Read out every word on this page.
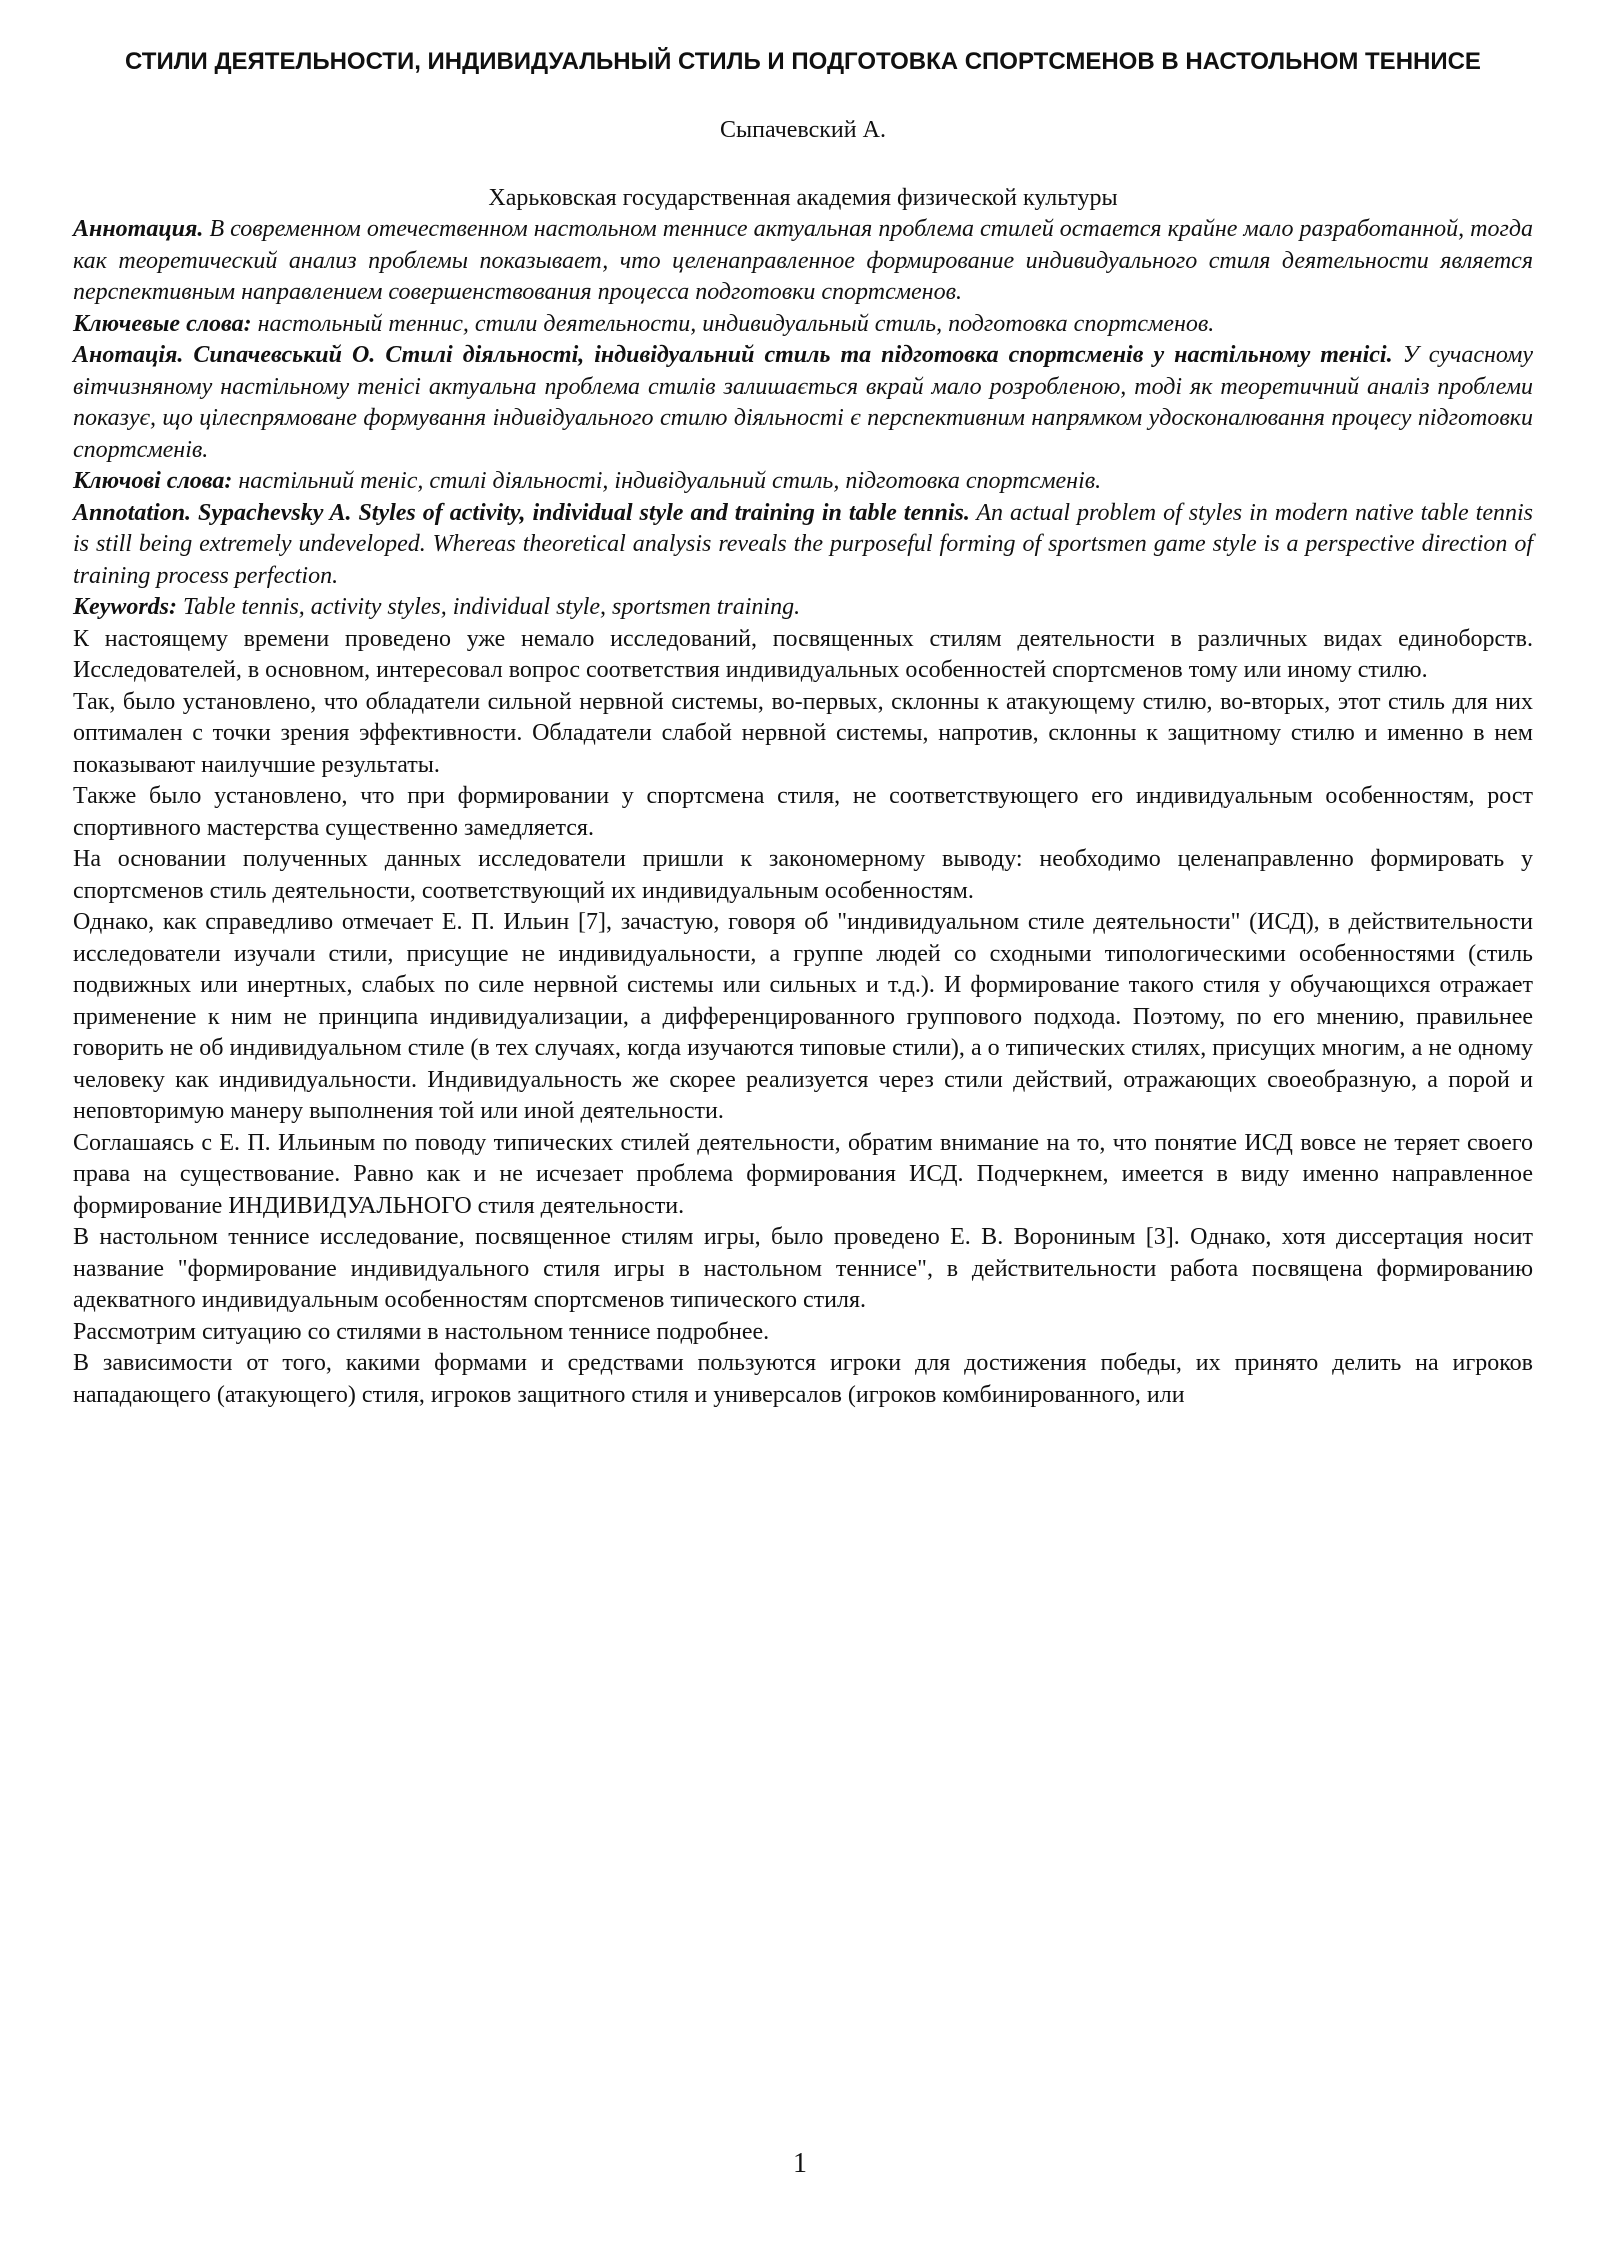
СТИЛИ ДЕЯТЕЛЬНОСТИ, ИНДИВИДУАЛЬНЫЙ СТИЛЬ И ПОДГОТОВКА СПОРТСМЕНОВ В НАСТОЛЬНОМ ТЕННИСЕ

Сыпачевский А.

Харьковская государственная академия физической культуры

Аннотация. В современном отечественном настольном теннисе актуальная проблема стилей остается крайне мало разработанной, тогда как теоретический анализ проблемы показывает, что целенаправленное формирование индивидуального стиля деятельности является перспективным направлением совершенствования процесса подготовки спортсменов.

Ключевые слова: настольный теннис, стили деятельности, индивидуальный стиль, подготовка спортсменов.

Анотація. Сипачевський О. Стилі діяльності, індивідуальний стиль та підготовка спортсменів у настільному тенісі. У сучасному вітчизняному настільному тенісі актуальна проблема стилів залишається вкрай мало розробленою, тоді як теоретичний аналіз проблеми показує, що цілеспрямоване формування індивідуального стилю діяльності є перспективним напрямком удосконалювання процесу підготовки спортсменів.

Ключові слова: настільний теніс, стилі діяльності, індивідуальний стиль, підготовка спортсменів.

Annotation. Sypachevsky A. Styles of activity, individual style and training in table tennis. An actual problem of styles in modern native table tennis is still being extremely undeveloped. Whereas theoretical analysis reveals the purposeful forming of sportsmen game style is a perspective direction of training process perfection.

Keywords: Table tennis, activity styles, individual style, sportsmen training.

К настоящему времени проведено уже немало исследований, посвященных стилям деятельности в различных видах единоборств. Исследователей, в основном, интересовал вопрос соответствия индивидуальных особенностей спортсменов тому или иному стилю.

Так, было установлено, что обладатели сильной нервной системы, во-первых, склонны к атакующему стилю, во-вторых, этот стиль для них оптимален с точки зрения эффективности. Обладатели слабой нервной системы, напротив, склонны к защитному стилю и именно в нем показывают наилучшие результаты.

Также было установлено, что при формировании у спортсмена стиля, не соответствующего его индивидуальным особенностям, рост спортивного мастерства существенно замедляется.

На основании полученных данных исследователи пришли к закономерному выводу: необходимо целенаправленно формировать у спортсменов стиль деятельности, соответствующий их индивидуальным особенностям.

Однако, как справедливо отмечает Е. П. Ильин [7], зачастую, говоря об "индивидуальном стиле деятельности" (ИСД), в действительности исследователи изучали стили, присущие не индивидуальности, а группе людей со сходными типологическими особенностями (стиль подвижных или инертных, слабых по силе нервной системы или сильных и т.д.). И формирование такого стиля у обучающихся отражает применение к ним не принципа индивидуализации, а дифференцированного группового подхода. Поэтому, по его мнению, правильнее говорить не об индивидуальном стиле (в тех случаях, когда изучаются типовые стили), а о типических стилях, присущих многим, а не одному человеку как индивидуальности. Индивидуальность же скорее реализуется через стили действий, отражающих своеобразную, а порой и неповторимую манеру выполнения той или иной деятельности.

Соглашаясь с Е. П. Ильиным по поводу типических стилей деятельности, обратим внимание на то, что понятие ИСД вовсе не теряет своего права на существование. Равно как и не исчезает проблема формирования ИСД. Подчеркнем, имеется в виду именно направленное формирование ИНДИВИДУАЛЬНОГО стиля деятельности.

В настольном теннисе исследование, посвященное стилям игры, было проведено Е. В. Ворониным [3]. Однако, хотя диссертация носит название "формирование индивидуального стиля игры в настольном теннисе", в действительности работа посвящена формированию адекватного индивидуальным особенностям спортсменов типического стиля.

Рассмотрим ситуацию со стилями в настольном теннисе подробнее.

В зависимости от того, какими формами и средствами пользуются игроки для достижения победы, их принято делить на игроков нападающего (атакующего) стиля, игроков защитного стиля и универсалов (игроков комбинированного, или

1
